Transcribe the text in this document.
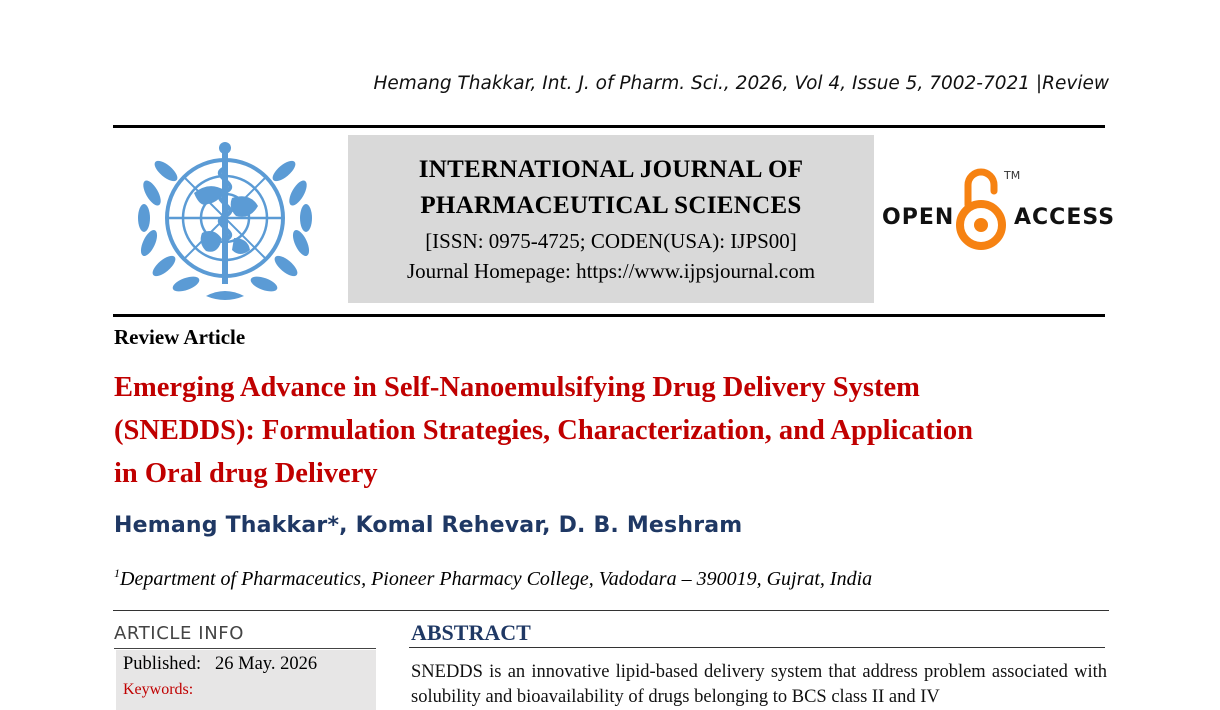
Hemang Thakkar, Int. J. of Pharm. Sci., 2026, Vol 4, Issue 5, 7002-7021 |Review
INTERNATIONAL JOURNAL OF
PHARMACEUTICAL SCIENCES
[ISSN: 0975-4725; CODEN(USA): IJPS00]
Journal Homepage: https://www.ijpsjournal.com
OPEN
TM
ACCESS
Review Article
Emerging Advance in Self-Nanoemulsifying Drug Delivery System
(SNEDDS): Formulation Strategies, Characterization, and Application
in Oral drug Delivery
Hemang Thakkar*, Komal Rehevar, D. B. Meshram
$^1$Department of Pharmaceutics, Pioneer Pharmacy College, Vadodara – 390019, Gujrat, India
ARTICLE INFO
Published:   26 May. 2026
Keywords:
ABSTRACT
SNEDDS is an innovative lipid-based delivery system that address problem associated with solubility and bioavailability of drugs belonging to BCS class II and IV
